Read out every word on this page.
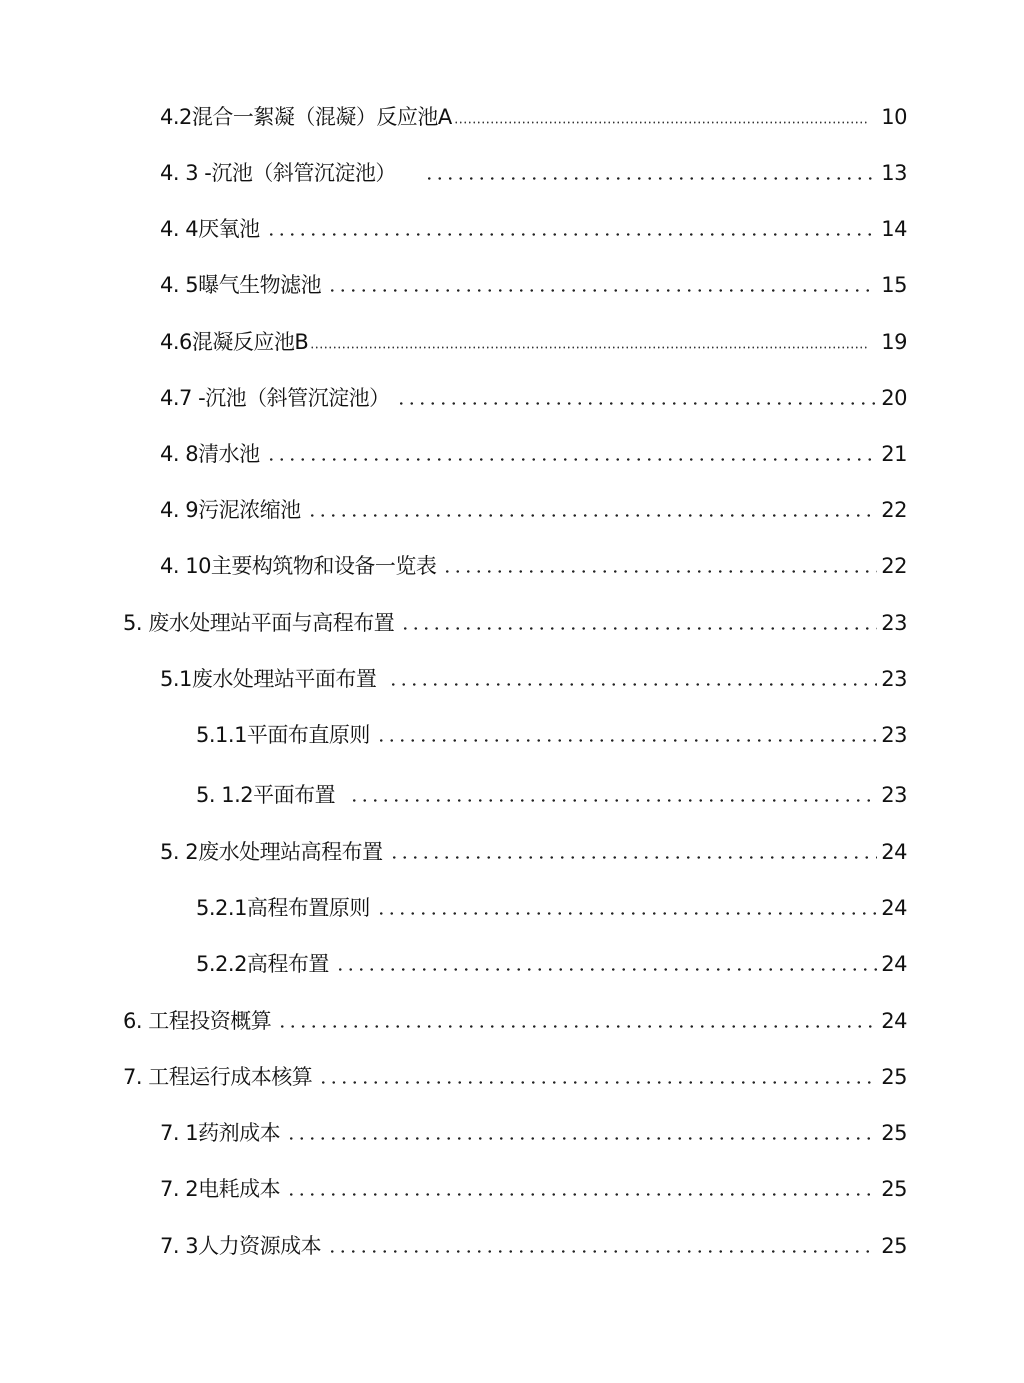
4.2混合一絮凝（混凝）反应池A	10
4. 3 -沉池（斜管沉淀池）	13
4. 4厌氧池	14
4. 5曝气生物滤池	15
4.6混凝反应池B	19
4.7 -沉池（斜管沉淀池）	20
4. 8清水池	21
4. 9污泥浓缩池	22
4. 10主要构筑物和设备一览表	22
5. 废水处理站平面与高程布置	23
5.1废水处理站平面布置	23
5.1.1平面布直原则	23
5. 1.2平面布置	23
5. 2废水处理站高程布置	24
5.2.1高程布置原则	24
5.2.2高程布置	24
6. 工程投资概算	24
7. 工程运行成本核算	25
7. 1药剂成本	25
7. 2电耗成本	25
7. 3人力资源成本	25
